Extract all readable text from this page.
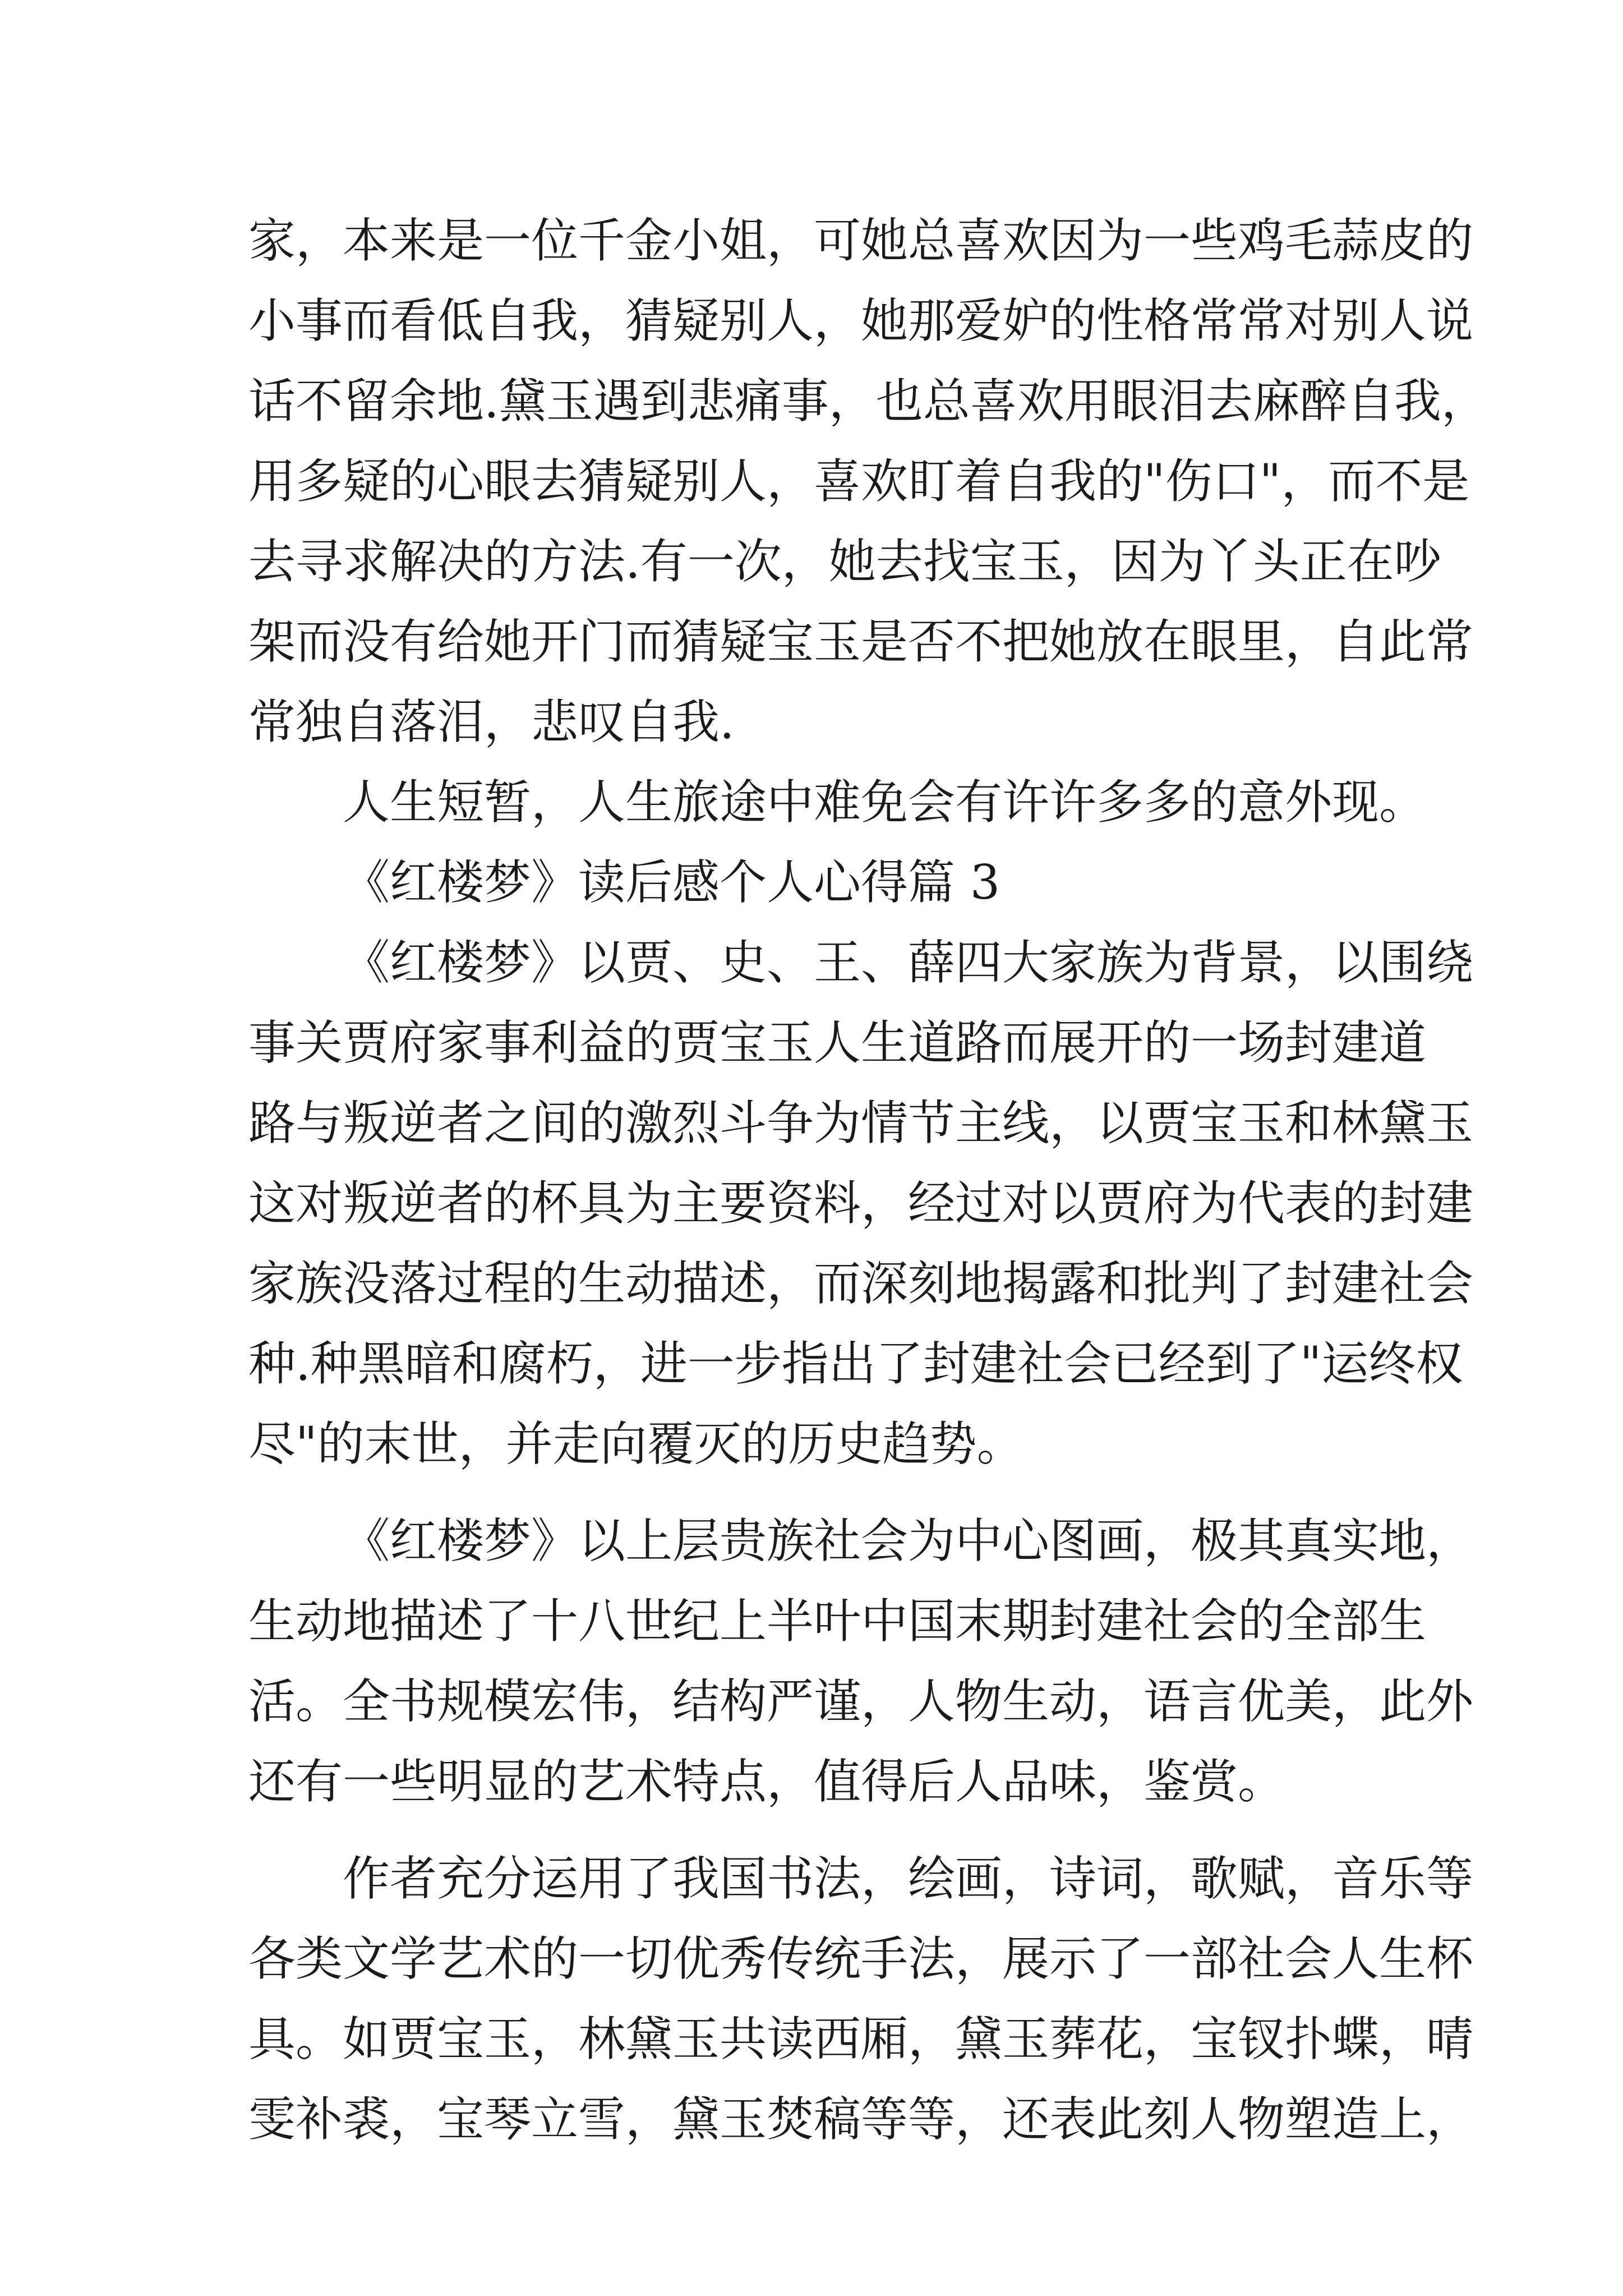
家，本来是一位千金小姐，可她总喜欢因为一些鸡毛蒜皮的
小事而看低自我，猜疑别人，她那爱妒的性格常常对别人说
话不留余地.黛玉遇到悲痛事，也总喜欢用眼泪去麻醉自我，
用多疑的心眼去猜疑别人，喜欢盯着自我的"伤口"，而不是
去寻求解决的方法.有一次，她去找宝玉，因为丫头正在吵
架而没有给她开门而猜疑宝玉是否不把她放在眼里，自此常
常独自落泪，悲叹自我.
人生短暂，人生旅途中难免会有许许多多的意外现。
《红楼梦》读后感个人心得篇 3
《红楼梦》以贾、史、王、薛四大家族为背景，以围绕
事关贾府家事利益的贾宝玉人生道路而展开的一场封建道
路与叛逆者之间的激烈斗争为情节主线，以贾宝玉和林黛玉
这对叛逆者的杯具为主要资料，经过对以贾府为代表的封建
家族没落过程的生动描述，而深刻地揭露和批判了封建社会
种.种黑暗和腐朽，进一步指出了封建社会已经到了"运终权
尽"的末世，并走向覆灭的历史趋势。
《红楼梦》以上层贵族社会为中心图画，极其真实地，
生动地描述了十八世纪上半叶中国末期封建社会的全部生
活。全书规模宏伟，结构严谨，人物生动，语言优美，此外
还有一些明显的艺术特点，值得后人品味，鉴赏。
作者充分运用了我国书法，绘画，诗词，歌赋，音乐等
各类文学艺术的一切优秀传统手法，展示了一部社会人生杯
具。如贾宝玉，林黛玉共读西厢，黛玉葬花，宝钗扑蝶，晴
雯补裘，宝琴立雪，黛玉焚稿等等，还表此刻人物塑造上，
